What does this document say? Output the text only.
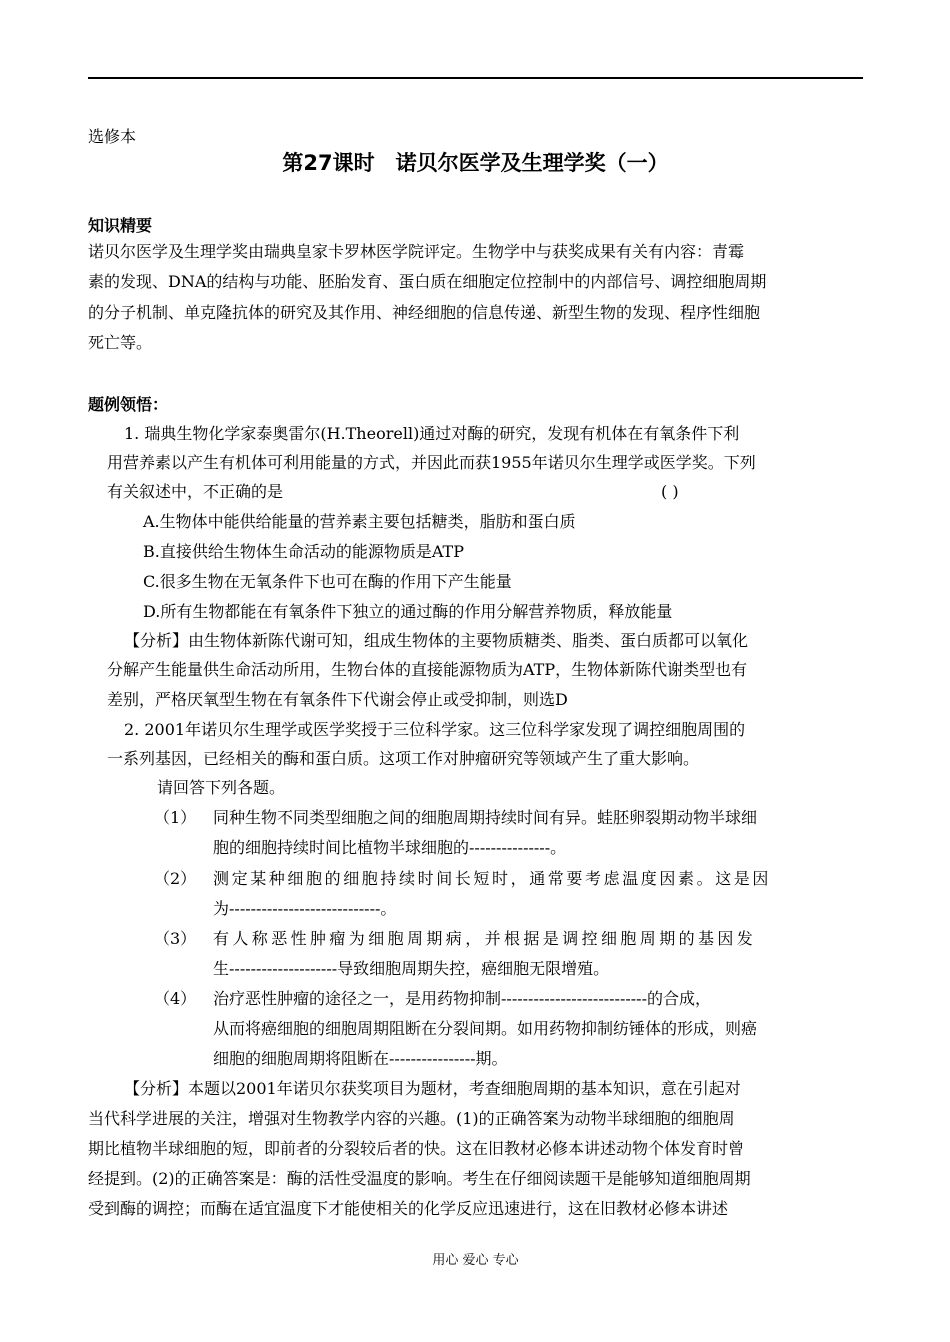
选修本
第27课时　诺贝尔医学及生理学奖（一）
知识精要
诺贝尔医学及生理学奖由瑞典皇家卡罗林医学院评定。生物学中与获奖成果有关有内容：青霉
素的发现、DNA的结构与功能、胚胎发育、蛋白质在细胞定位控制中的内部信号、调控细胞周期
的分子机制、单克隆抗体的研究及其作用、神经细胞的信息传递、新型生物的发现、程序性细胞
死亡等。
题例领悟：
1. 瑞典生物化学家泰奥雷尔(H.Theorell)通过对酶的研究，发现有机体在有氧条件下利
用营养素以产生有机体可利用能量的方式，并因此而获1955年诺贝尔生理学或医学奖。下列
有关叙述中，不正确的是	( )
A.生物体中能供给能量的营养素主要包括糖类，脂肪和蛋白质
B.直接供给生物体生命活动的能源物质是ATP
C.很多生物在无氧条件下也可在酶的作用下产生能量
D.所有生物都能在有氧条件下独立的通过酶的作用分解营养物质，释放能量
【分析】由生物体新陈代谢可知，组成生物体的主要物质糖类、脂类、蛋白质都可以氧化
分解产生能量供生命活动所用，生物台体的直接能源物质为ATP，生物体新陈代谢类型也有
差别，严格厌氧型生物在有氧条件下代谢会停止或受抑制，则选D
2. 2001年诺贝尔生理学或医学奖授于三位科学家。这三位科学家发现了调控细胞周围的
一系列基因，已经相关的酶和蛋白质。这项工作对肿瘤研究等领域产生了重大影响。
请回答下列各题。
（1） 同种生物不同类型细胞之间的细胞周期持续时间有异。蛙胚卵裂期动物半球细
胞的细胞持续时间比植物半球细胞的---------------。
（2） 测定某种细胞的细胞持续时间长短时，通常要考虑温度因素。这是因
为----------------------------。
（3） 有人称恶性肿瘤为细胞周期病，并根据是调控细胞周期的基因发
生--------------------导致细胞周期失控，癌细胞无限增殖。
（4） 治疗恶性肿瘤的途径之一，是用药物抑制---------------------------的合成，
从而将癌细胞的细胞周期阻断在分裂间期。如用药物抑制纺锤体的形成，则癌
细胞的细胞周期将阻断在----------------期。
【分析】本题以2001年诺贝尔获奖项目为题材，考查细胞周期的基本知识，意在引起对
当代科学进展的关注，增强对生物教学内容的兴趣。(1)的正确答案为动物半球细胞的细胞周
期比植物半球细胞的短，即前者的分裂较后者的快。这在旧教材必修本讲述动物个体发育时曾
经提到。(2)的正确答案是：酶的活性受温度的影响。考生在仔细阅读题干是能够知道细胞周期
受到酶的调控；而酶在适宜温度下才能使相关的化学反应迅速进行，这在旧教材必修本讲述
用心 爱心 专心
